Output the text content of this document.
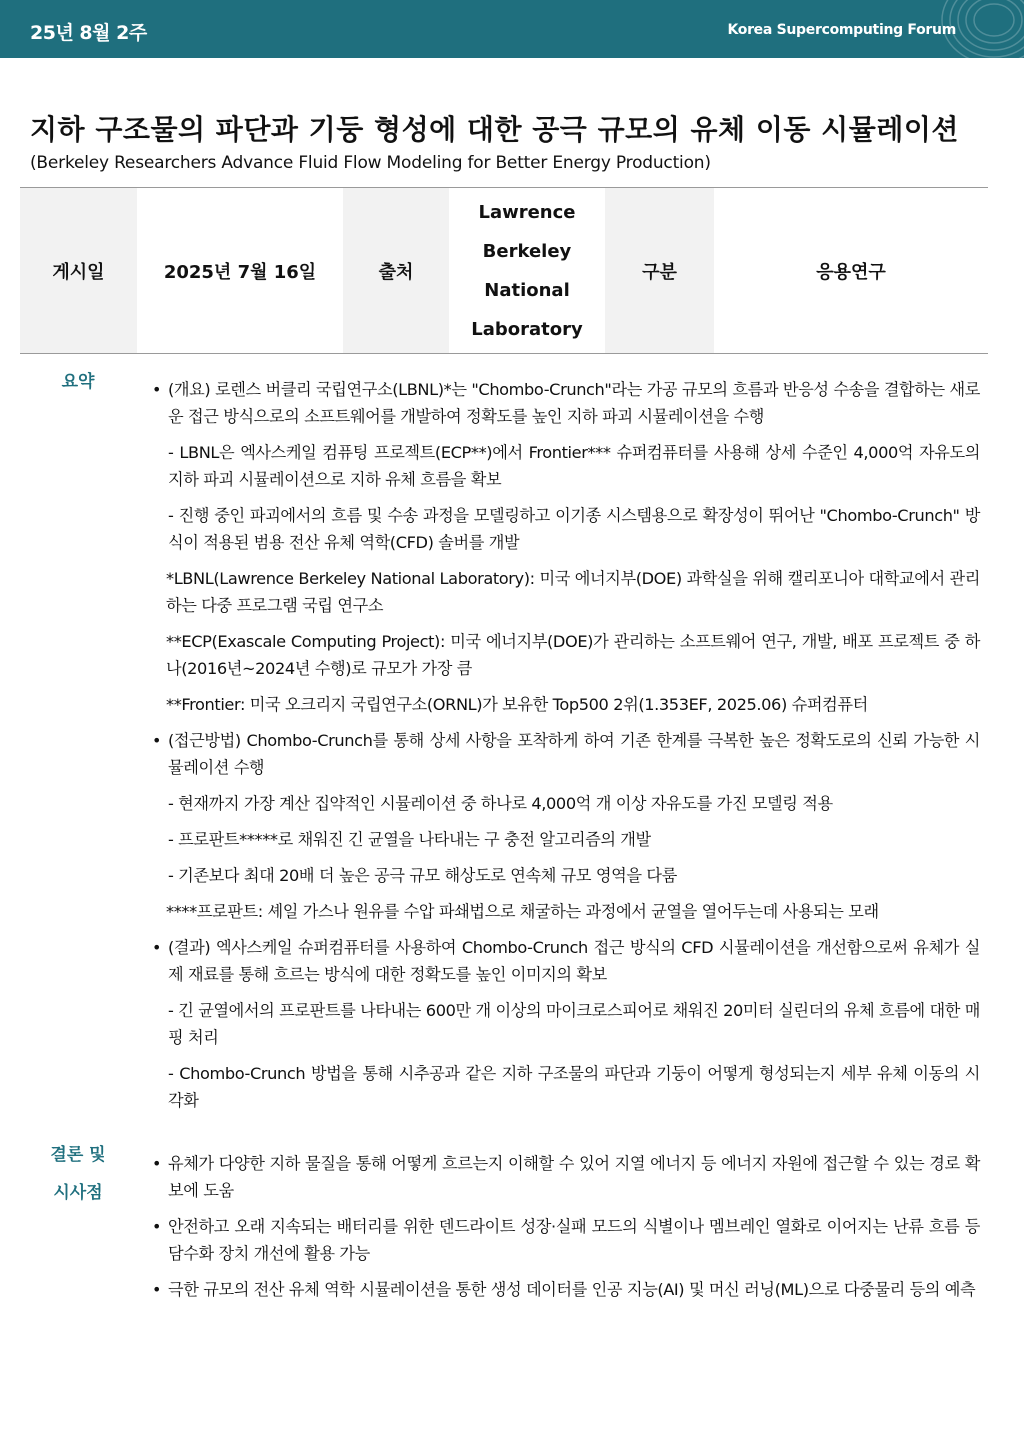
25년 8월 2주	Korea Supercomputing Forum
지하 구조물의 파단과 기둥 형성에 대한 공극 규모의 유체 이동 시뮬레이션
(Berkeley Researchers Advance Fluid Flow Modeling for Better Energy Production)
게시일	2025년 7월 16일	출처
Lawrence
Berkeley
National
Laboratory
구분	응용연구
요약
•	(개요) 로렌스 버클리 국립연구소(LBNL)*는 "Chombo-Crunch"라는 가공 규모의 흐름과 반응성 수송을 결합하는 새로운 접근 방식으로의 소프트웨어를 개발하여 정확도를 높인 지하 파괴 시뮬레이션을 수행
- LBNL은 엑사스케일 컴퓨팅 프로젝트(ECP**)에서 Frontier*** 슈퍼컴퓨터를 사용해 상세 수준인 4,000억 자유도의 지하 파괴 시뮬레이션으로 지하 유체 흐름을 확보
- 진행 중인 파괴에서의 흐름 및 수송 과정을 모델링하고 이기종 시스템용으로 확장성이 뛰어난 "Chombo-Crunch" 방식이 적용된 범용 전산 유체 역학(CFD) 솔버를 개발
*LBNL(Lawrence Berkeley National Laboratory): 미국 에너지부(DOE) 과학실을 위해 캘리포니아 대학교에서 관리하는 다중 프로그램 국립 연구소
**ECP(Exascale Computing Project): 미국 에너지부(DOE)가 관리하는 소프트웨어 연구, 개발, 배포 프로젝트 중 하나(2016년~2024년 수행)로 규모가 가장 큼
**Frontier: 미국 오크리지 국립연구소(ORNL)가 보유한 Top500 2위(1.353EF, 2025.06) 슈퍼컴퓨터
• (접근방법) Chombo-Crunch를 통해 상세 사항을 포착하게 하여 기존 한계를 극복한 높은 정확도로의 신뢰 가능한 시뮬레이션 수행
- 현재까지 가장 계산 집약적인 시뮬레이션 중 하나로 4,000억 개 이상 자유도를 가진 모델링 적용
- 프로판트*****로 채워진 긴 균열을 나타내는 구 충전 알고리즘의 개발
- 기존보다 최대 20배 더 높은 공극 규모 해상도로 연속체 규모 영역을 다룸
****프로판트: 셰일 가스나 원유를 수압 파쇄법으로 채굴하는 과정에서 균열을 열어두는데 사용되는 모래
• (결과) 엑사스케일 슈퍼컴퓨터를 사용하여 Chombo-Crunch 접근 방식의 CFD 시뮬레이션을 개선함으로써 유체가 실제 재료를 통해 흐르는 방식에 대한 정확도를 높인 이미지의 확보
- 긴 균열에서의 프로판트를 나타내는 600만 개 이상의 마이크로스피어로 채워진 20미터 실린더의 유체 흐름에 대한 매핑 처리
- Chombo-Crunch 방법을 통해 시추공과 같은 지하 구조물의 파단과 기둥이 어떻게 형성되는지 세부 유체 이동의 시각화
결론 및
시사점
• 유체가 다양한 지하 물질을 통해 어떻게 흐르는지 이해할 수 있어 지열 에너지 등 에너지 자원에 접근할 수 있는 경로 확보에 도움
• 안전하고 오래 지속되는 배터리를 위한 덴드라이트 성장·실패 모드의 식별이나 멤브레인 열화로 이어지는 난류 흐름 등 담수화 장치 개선에 활용 가능
• 극한 규모의 전산 유체 역학 시뮬레이션을 통한 생성 데이터를 인공 지능(AI) 및 머신 러닝(ML)으로 다중물리 등의 예측
